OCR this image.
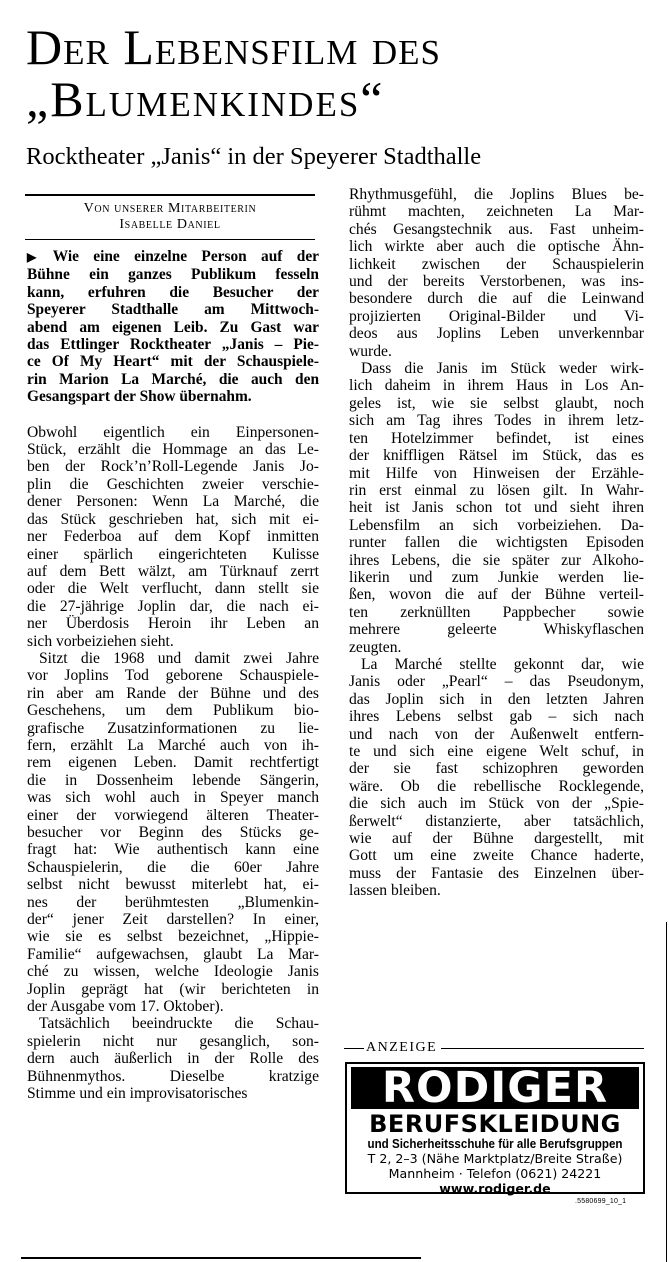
Der Lebensfilm des
„Blumenkindes“
Rocktheater „Janis“ in der Speyerer Stadthalle
Von unserer Mitarbeiterin
Isabelle Daniel
▶ Wie eine einzelne Person auf der
Bühne ein ganzes Publikum fesseln
kann, erfuhren die Besucher der
Speyerer Stadthalle am Mittwoch-
abend am eigenen Leib. Zu Gast war
das Ettlinger Rocktheater „Janis – Pie-
ce Of My Heart“ mit der Schauspiele-
rin Marion La Marché, die auch den
Gesangspart der Show übernahm.

Obwohl eigentlich ein Einpersonen-
Stück, erzählt die Hommage an das Le-
ben der Rock’n’Roll-Legende Janis Jo-
plin die Geschichten zweier verschie-
dener Personen: Wenn La Marché, die
das Stück geschrieben hat, sich mit ei-
ner Federboa auf dem Kopf inmitten
einer spärlich eingerichteten Kulisse
auf dem Bett wälzt, am Türknauf zerrt
oder die Welt verflucht, dann stellt sie
die 27-jährige Joplin dar, die nach ei-
ner Überdosis Heroin ihr Leben an
sich vorbeiziehen sieht.

Sitzt die 1968 und damit zwei Jahre
vor Joplins Tod geborene Schauspiele-
rin aber am Rande der Bühne und des
Geschehens, um dem Publikum bio-
grafische Zusatzinformationen zu lie-
fern, erzählt La Marché auch von ih-
rem eigenen Leben. Damit rechtfertigt
die in Dossenheim lebende Sängerin,
was sich wohl auch in Speyer manch
einer der vorwiegend älteren Theater-
besucher vor Beginn des Stücks ge-
fragt hat: Wie authentisch kann eine
Schauspielerin, die die 60er Jahre
selbst nicht bewusst miterlebt hat, ei-
nes der berühmtesten „Blumenkin-
der“ jener Zeit darstellen? In einer,
wie sie es selbst bezeichnet, „Hippie-
Familie“ aufgewachsen, glaubt La Mar-
ché zu wissen, welche Ideologie Janis
Joplin geprägt hat (wir berichteten in
der Ausgabe vom 17. Oktober).

Tatsächlich beeindruckte die Schau-
spielerin nicht nur gesanglich, son-
dern auch äußerlich in der Rolle des
Bühnenmythos. Dieselbe kratzige
Stimme und ein improvisatorisches

Rhythmusgefühl, die Joplins Blues be-
rühmt machten, zeichneten La Mar-
chés Gesangstechnik aus. Fast unheim-
lich wirkte aber auch die optische Ähn-
lichkeit zwischen der Schauspielerin
und der bereits Verstorbenen, was ins-
besondere durch die auf die Leinwand
projizierten Original-Bilder und Vi-
deos aus Joplins Leben unverkennbar
wurde.

Dass die Janis im Stück weder wirk-
lich daheim in ihrem Haus in Los An-
geles ist, wie sie selbst glaubt, noch
sich am Tag ihres Todes in ihrem letz-
ten Hotelzimmer befindet, ist eines
der kniffligen Rätsel im Stück, das es
mit Hilfe von Hinweisen der Erzähle-
rin erst einmal zu lösen gilt. In Wahr-
heit ist Janis schon tot und sieht ihren
Lebensfilm an sich vorbeiziehen. Da-
runter fallen die wichtigsten Episoden
ihres Lebens, die sie später zur Alkoho-
likerin und zum Junkie werden lie-
ßen, wovon die auf der Bühne verteil-
ten zerknüllten Pappbecher sowie
mehrere geleerte Whiskyflaschen
zeugten.

La Marché stellte gekonnt dar, wie
Janis oder „Pearl“ – das Pseudonym,
das Joplin sich in den letzten Jahren
ihres Lebens selbst gab – sich nach
und nach von der Außenwelt entfern-
te und sich eine eigene Welt schuf, in
der sie fast schizophren geworden
wäre. Ob die rebellische Rocklegende,
die sich auch im Stück von der „Spie-
ßerwelt“ distanzierte, aber tatsächlich,
wie auf der Bühne dargestellt, mit
Gott um eine zweite Chance haderte,
muss der Fantasie des Einzelnen über-
lassen bleiben.

ANZEIGE
RODIGER
BERUFSKLEIDUNG
und Sicherheitsschuhe für alle Berufsgruppen
T 2, 2–3 (Nähe Marktplatz/Breite Straße)
Mannheim · Telefon (0621) 24221
www.rodiger.de
.5580699_10_1
